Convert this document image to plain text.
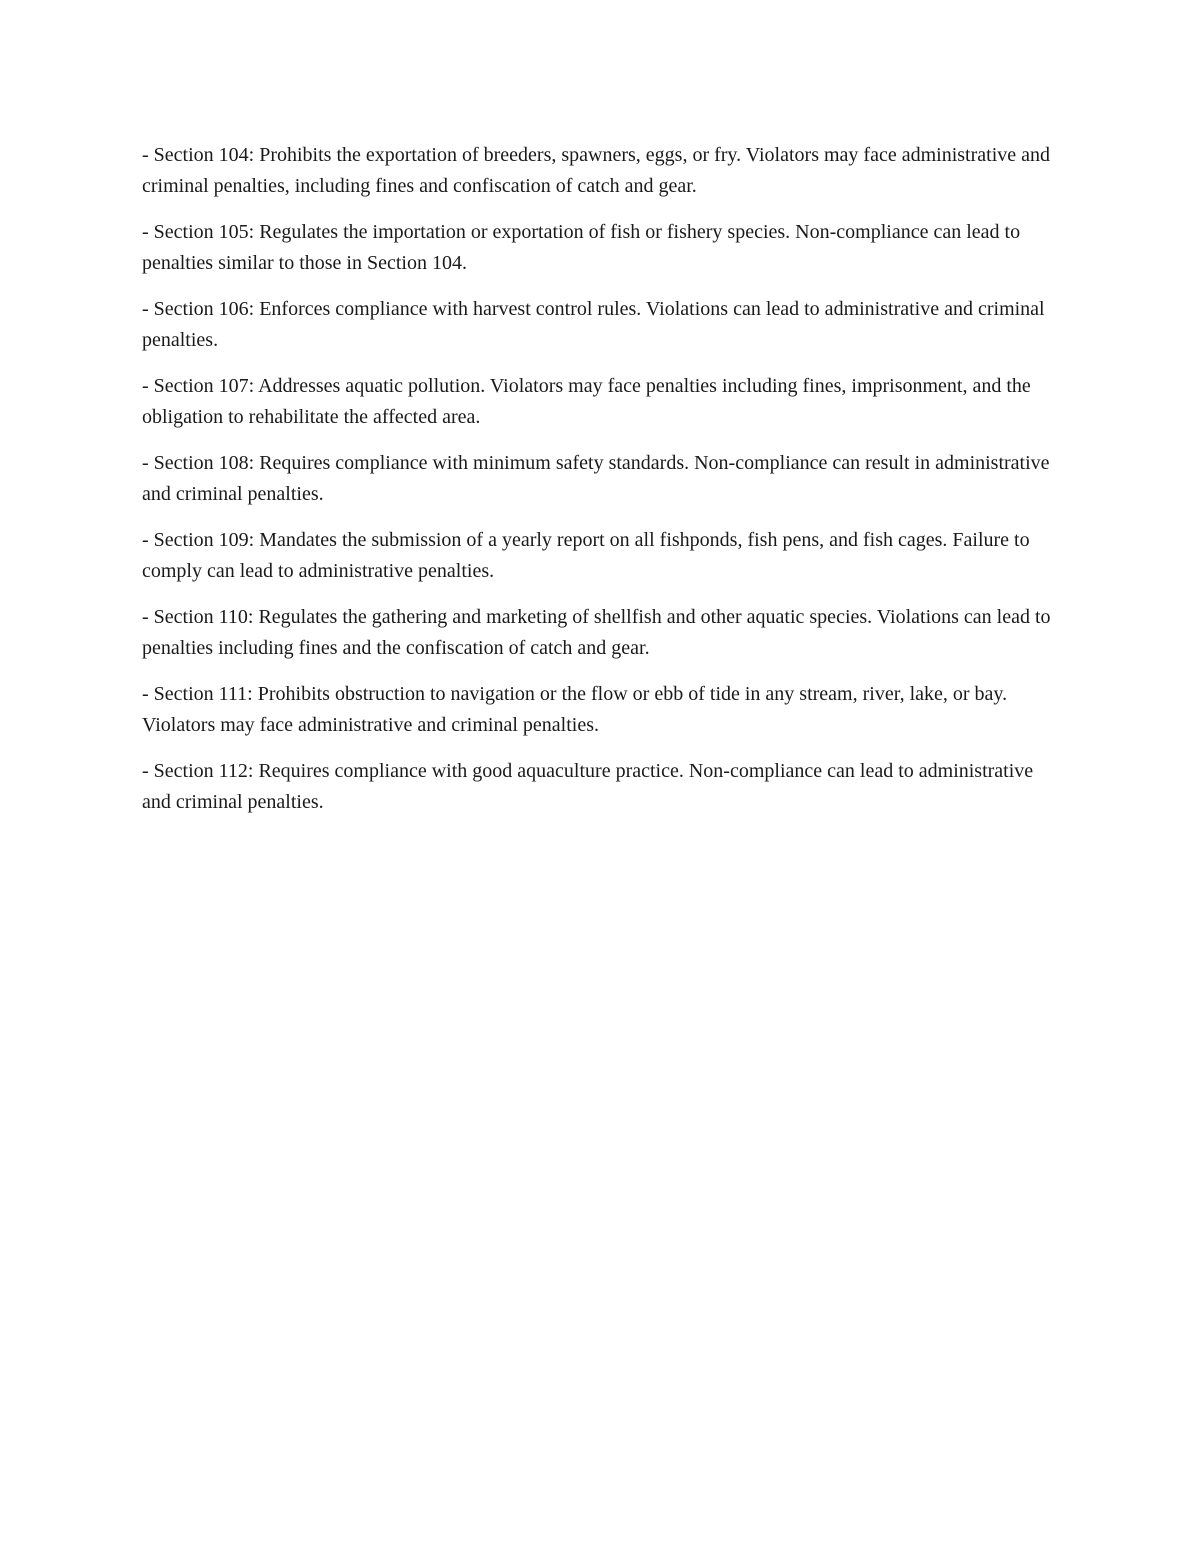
- Section 104: Prohibits the exportation of breeders, spawners, eggs, or fry. Violators may face administrative and criminal penalties, including fines and confiscation of catch and gear.

- Section 105: Regulates the importation or exportation of fish or fishery species. Non-compliance can lead to penalties similar to those in Section 104.

- Section 106: Enforces compliance with harvest control rules. Violations can lead to administrative and criminal penalties.

- Section 107: Addresses aquatic pollution. Violators may face penalties including fines, imprisonment, and the obligation to rehabilitate the affected area.

- Section 108: Requires compliance with minimum safety standards. Non-compliance can result in administrative and criminal penalties.

- Section 109: Mandates the submission of a yearly report on all fishponds, fish pens, and fish cages. Failure to comply can lead to administrative penalties.

- Section 110: Regulates the gathering and marketing of shellfish and other aquatic species. Violations can lead to penalties including fines and the confiscation of catch and gear.

- Section 111: Prohibits obstruction to navigation or the flow or ebb of tide in any stream, river, lake, or bay. Violators may face administrative and criminal penalties.

- Section 112: Requires compliance with good aquaculture practice. Non-compliance can lead to administrative and criminal penalties.
